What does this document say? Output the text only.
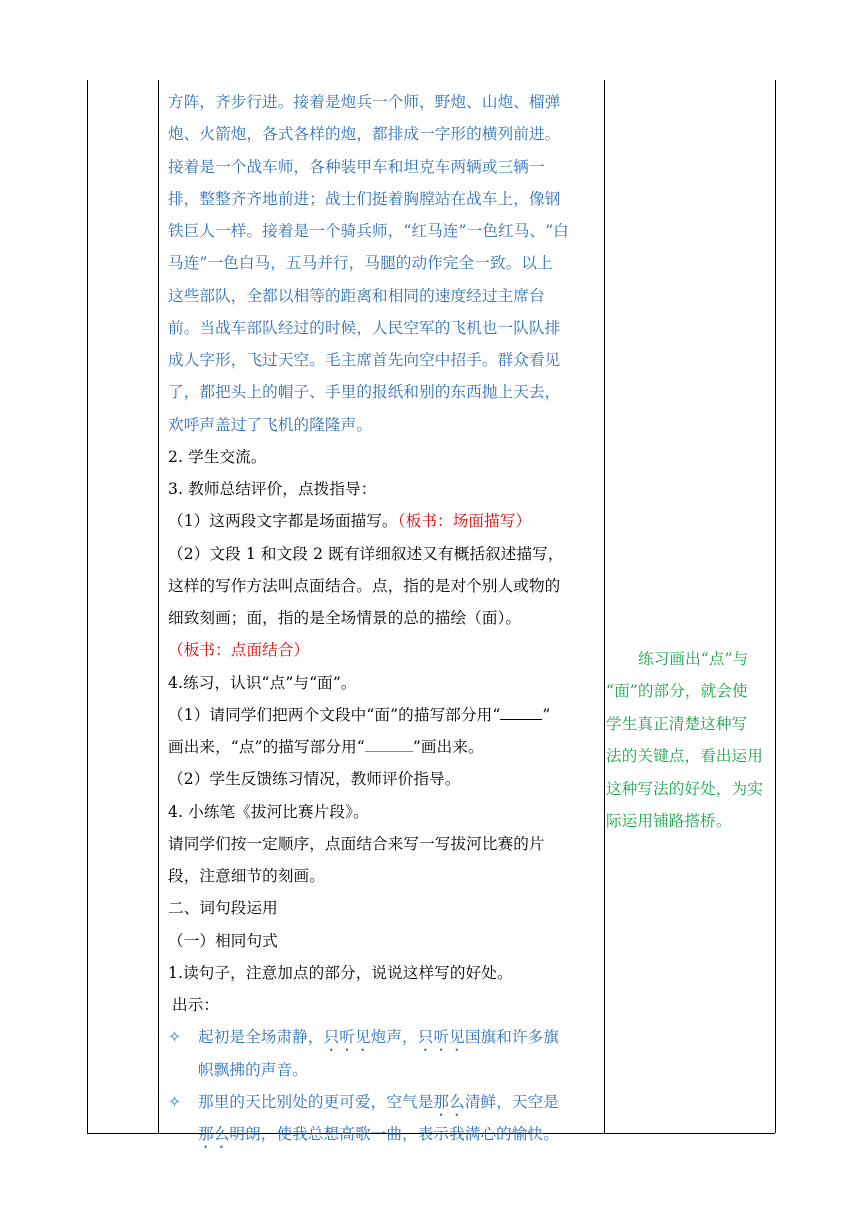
方阵，齐步行进。接着是炮兵一个师，野炮、山炮、榴弹
炮、火箭炮，各式各样的炮，都排成一字形的横列前进。
接着是一个战车师，各种装甲车和坦克车两辆或三辆一
排，整整齐齐地前进；战士们挺着胸膛站在战车上，像钢
铁巨人一样。接着是一个骑兵师，“红马连”一色红马、“白
马连”一色白马，五马并行，马腿的动作完全一致。以上
这些部队，全都以相等的距离和相同的速度经过主席台
前。当战车部队经过的时候，人民空军的飞机也一队队排
成人字形，飞过天空。毛主席首先向空中招手。群众看见
了，都把头上的帽子、手里的报纸和别的东西抛上天去，
欢呼声盖过了飞机的隆隆声。
2. 学生交流。
3. 教师总结评价，点拨指导：
（1）这两段文字都是场面描写。（板书：场面描写）
（2）文段 1 和文段 2 既有详细叙述又有概括叙述描写，
这样的写作方法叫点面结合。点，指的是对个别人或物的
细致刻画；面，指的是全场情景的总的描绘（面）。
（板书：点面结合）
4.练习，认识“点”与“面”。
（1）请同学们把两个文段中“面”的描写部分用“	”
画出来，“点”的描写部分用“	”画出来。
（2）学生反馈练习情况，教师评价指导。
4. 小练笔《拔河比赛片段》。
请同学们按一定顺序，点面结合来写一写拔河比赛的片
段，注意细节的刻画。
二、词句段运用
（一）相同句式
1.读句子，注意加点的部分，说说这样写的好处。
出示：
✧ 起初是全场肃静，只听见炮声，只听见国旗和许多旗
帜飘拂的声音。
✧ 那里的天比别处的更可爱，空气是那么清鲜，天空是
那么明朗，使我总想高歌一曲，表示我满心的愉快。
练习画出“点”与
“面”的部分，就会使
学生真正清楚这种写
法的关键点，看出运用
这种写法的好处，为实
际运用铺路搭桥。
